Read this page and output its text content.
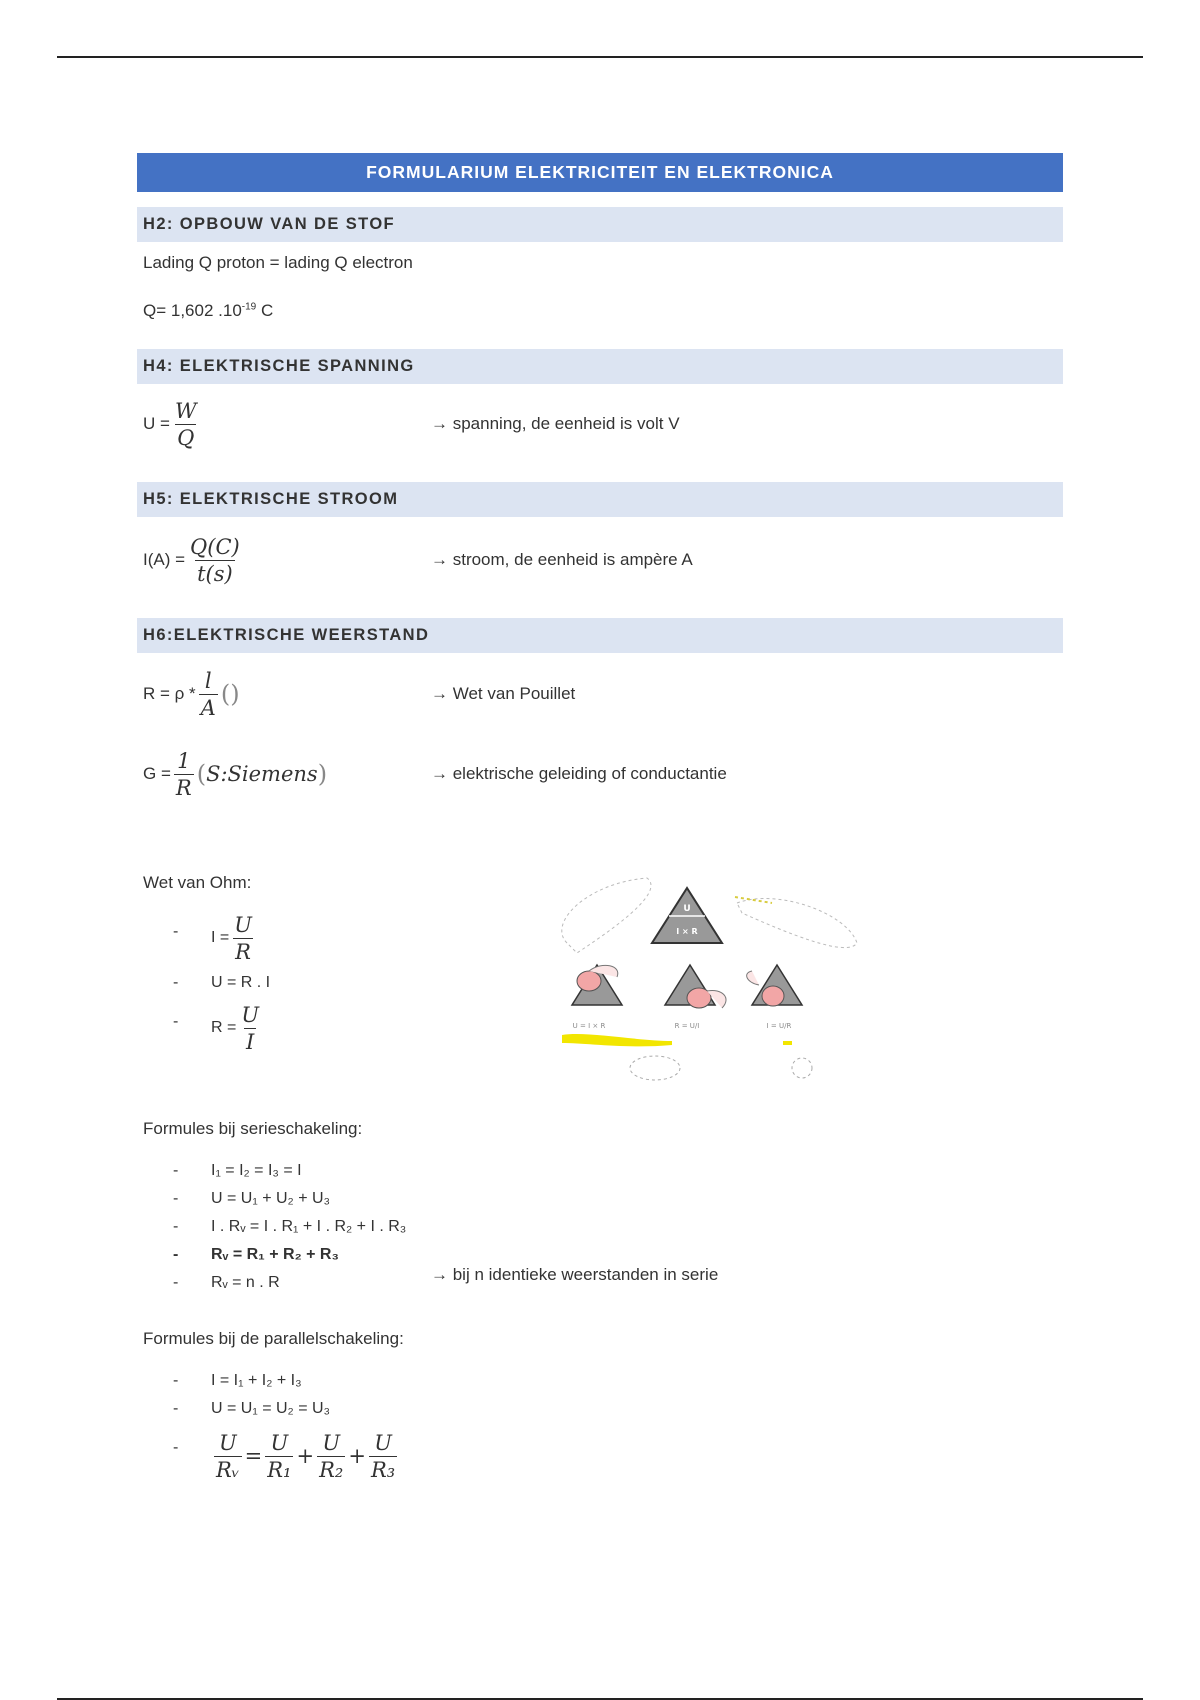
FORMULARIUM ELEKTRICITEIT EN ELEKTRONICA
H2: OPBOUW VAN DE STOF
Lading Q proton = lading Q electron
Q= 1,602 $.10^{-19}$ C
H4: ELEKTRISCHE SPANNING
$U = \frac{W}{Q}$	→ spanning, de eenheid is volt V
H5: ELEKTRISCHE STROOM
$I(A) = \frac{Q(C)}{t(s)}$	→ stroom, de eenheid is ampère A
H6:ELEKTRISCHE WEERSTAND
$R = \rho * \frac{l}{A}$ ()	→ Wet van Pouillet
$G = \frac{1}{R}$ ( S:Siemens )	→ elektrische geleiding of conductantie
Wet van Ohm:
- $I = \frac{U}{R}$
- U = R . I
- $R = \frac{U}{I}$
U
I × R
U = I × R	R = U/I	I = U/R
Formules bij serieschakeling:
- I₁ = I₂ = I₃ = I
- U = U₁ + U₂ + U₃
- I . Rᵥ = I . R₁ + I . R₂ + I . R₃
- Rᵥ = R₁ + R₂ + R₃
- Rᵥ = n . R	→ bij n identieke weerstanden in serie
Formules bij de parallelschakeling:
- I = I₁ + I₂ + I₃
- U = U₁ = U₂ = U₃
- $\frac{U}{\text{Rᵥ}} = \frac{U}{\text{R₁}} + \frac{U}{\text{R₂}} + \frac{U}{\text{R₃}}$
